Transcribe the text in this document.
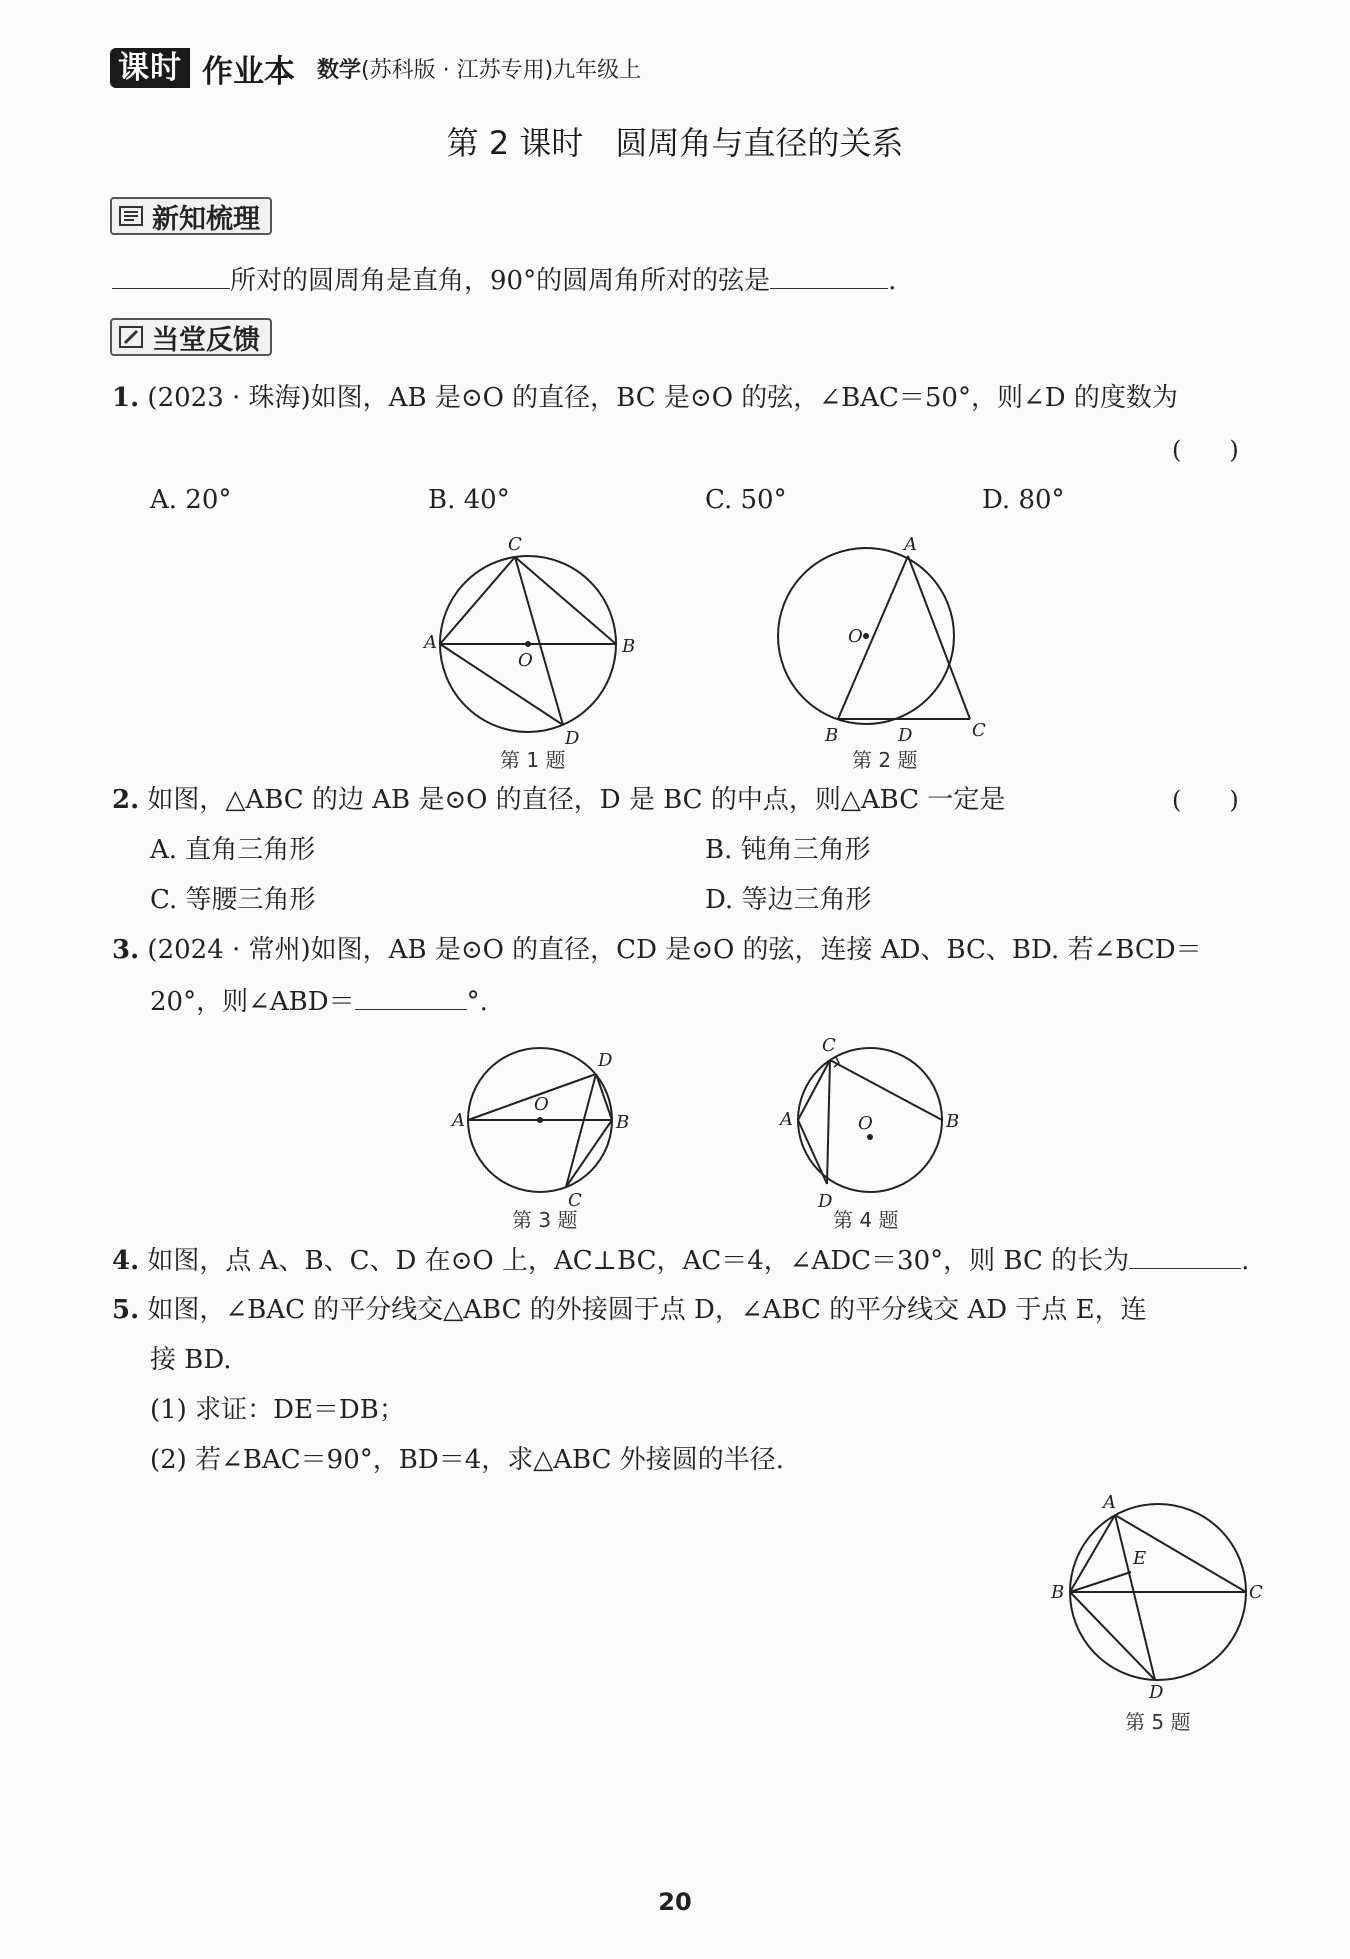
课时 作业本 数学(苏科版 · 江苏专用)九年级上
第 2 课时　圆周角与直径的关系
新知梳理
所对的圆周角是直角，90°的圆周角所对的弦是	.
当堂反馈
1. (2023 · 珠海)如图，AB 是⊙O 的直径，BC 是⊙O 的弦，∠BAC＝50°，则∠D 的度数为
(　　)
A. 20°	B. 40°	C. 50°	D. 80°
C
A	B
O
D
第 1 题
A
O
B	D	C
第 2 题
2. 如图，△ABC 的边 AB 是⊙O 的直径，D 是 BC 的中点，则△ABC 一定是	(　　)
A. 直角三角形	B. 钝角三角形
C. 等腰三角形	D. 等边三角形
3. (2024 · 常州)如图，AB 是⊙O 的直径，CD 是⊙O 的弦，连接 AD、BC、BD. 若∠BCD＝
20°，则∠ABD＝	°.
A
O
D
B
C
第 3 题
C
A	O	B
D
第 4 题
4. 如图，点 A、B、C、D 在⊙O 上，AC⊥BC，AC＝4，∠ADC＝30°，则 BC 的长为	.
5. 如图，∠BAC 的平分线交△ABC 的外接圆于点 D，∠ABC 的平分线交 AD 于点 E，连
接 BD.
(1) 求证：DE＝DB；
(2) 若∠BAC＝90°，BD＝4，求△ABC 外接圆的半径.
A
E
B	C
D
第 5 题
20
